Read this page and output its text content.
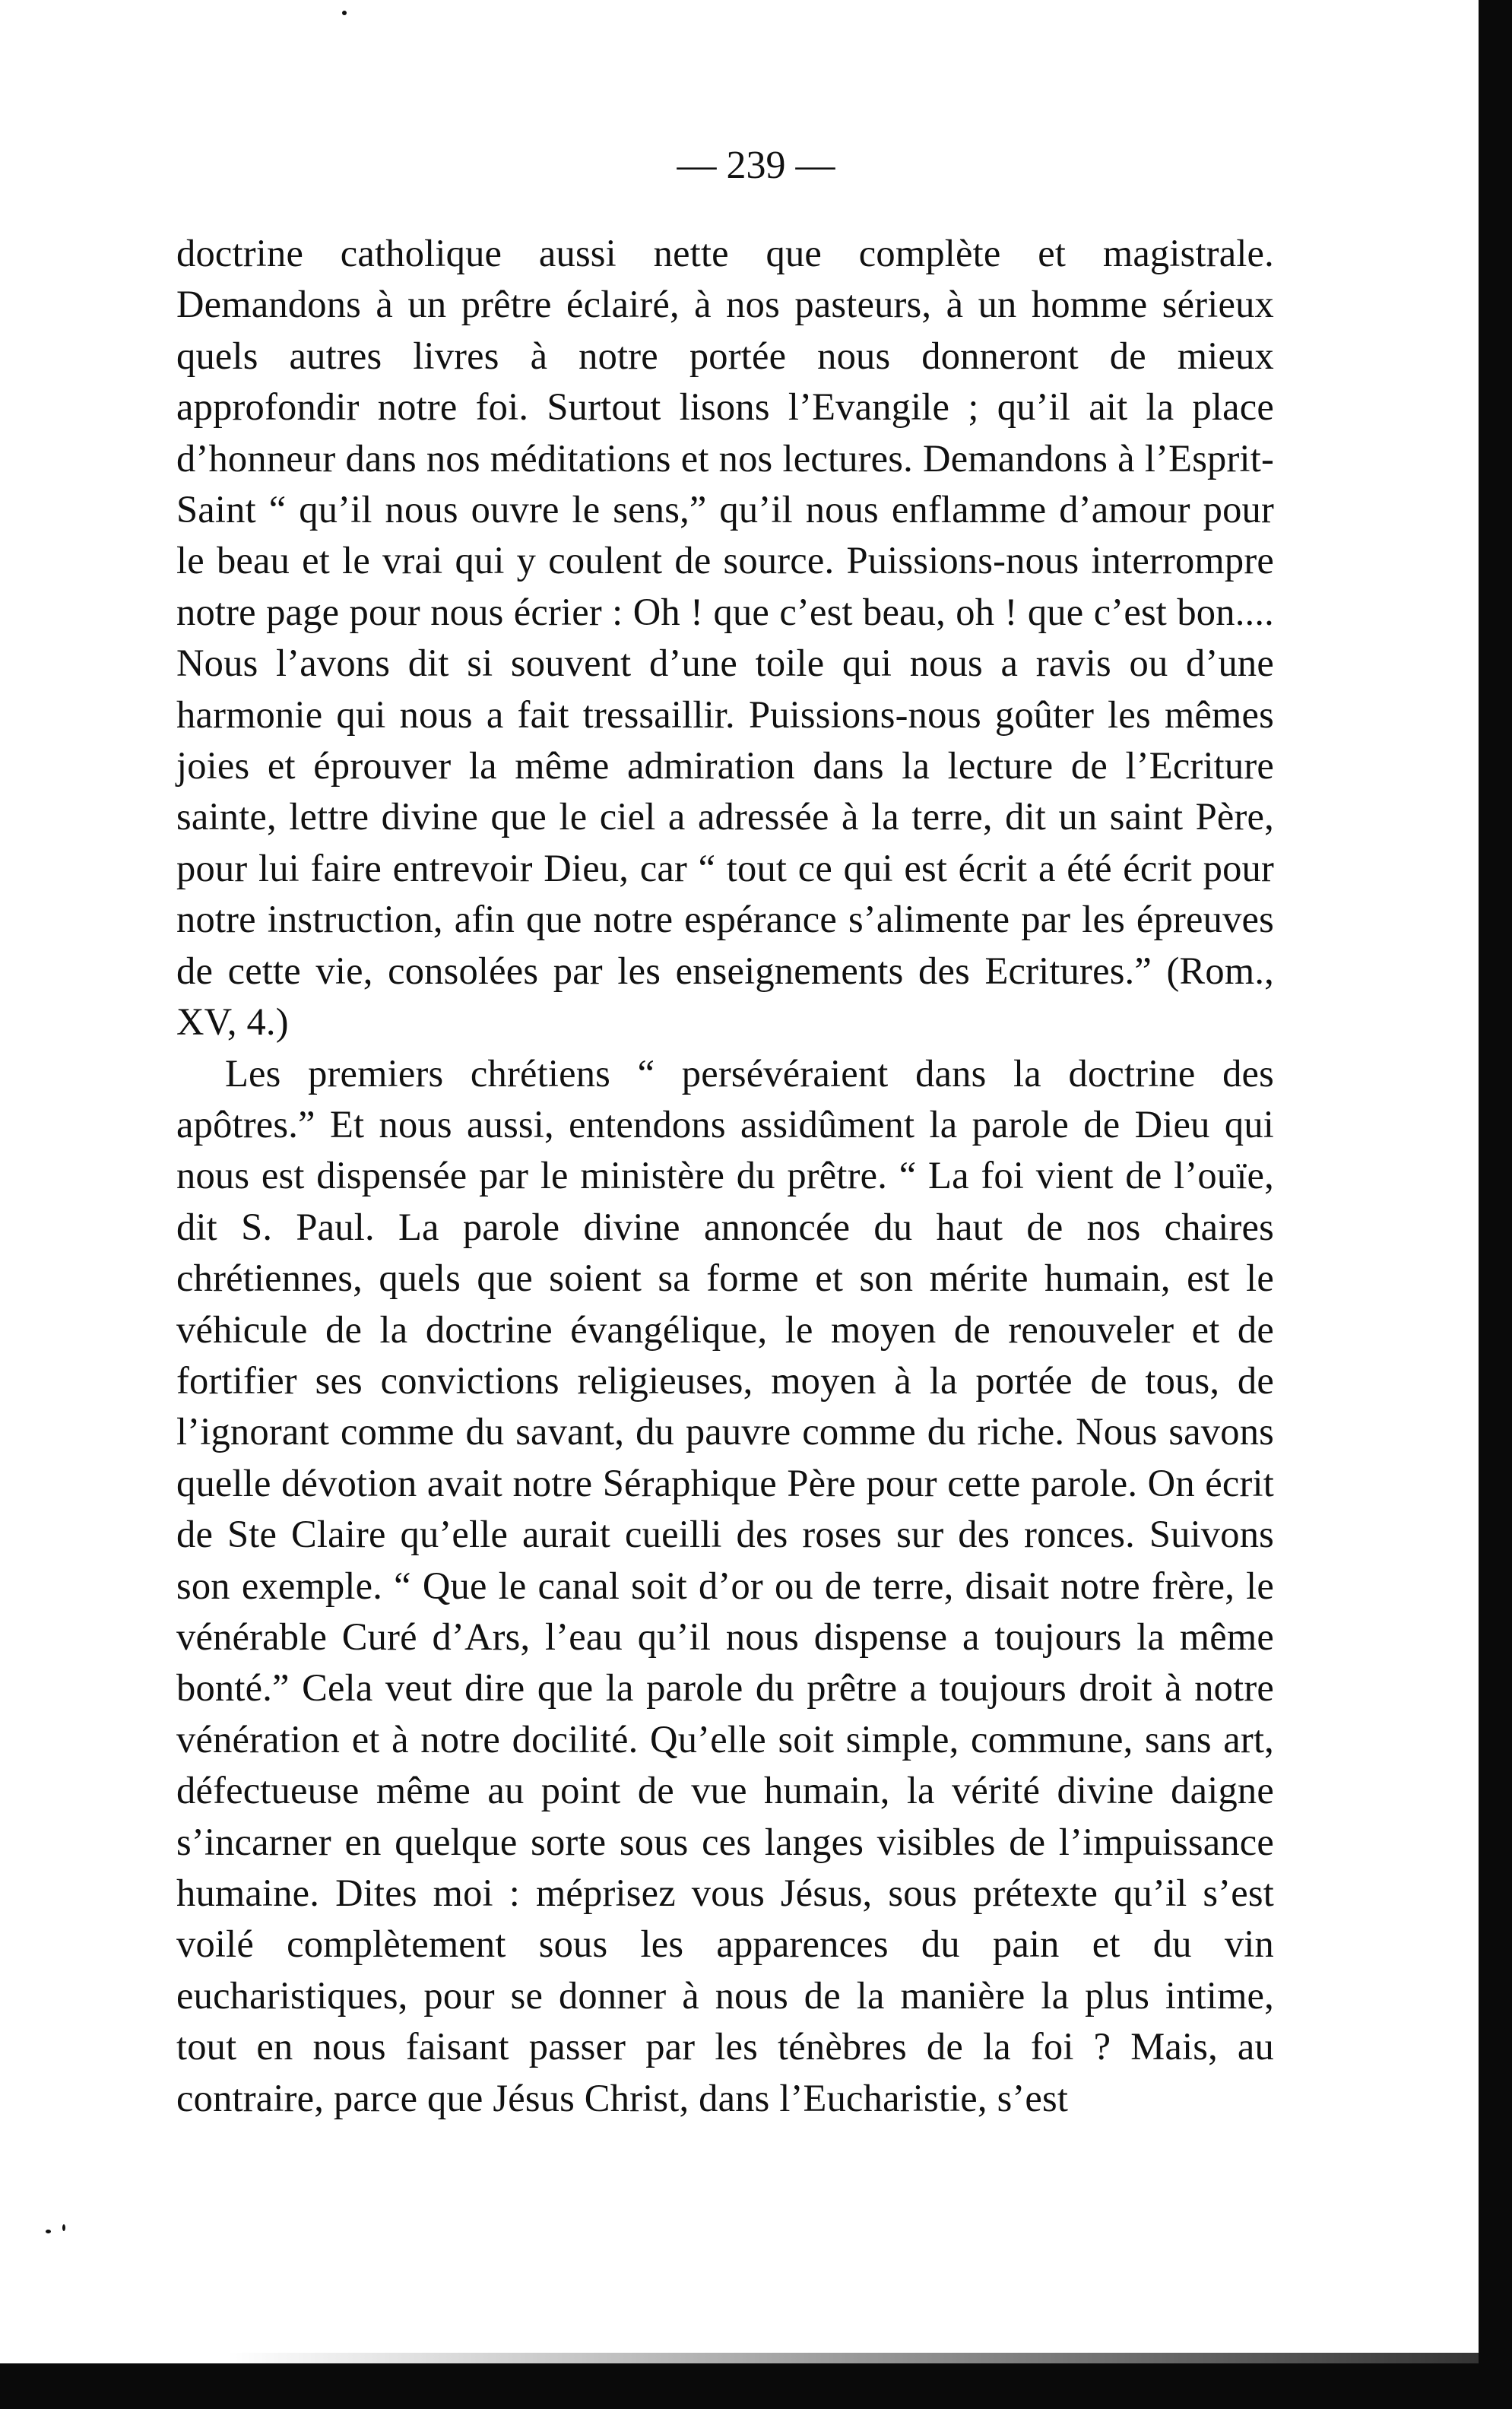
— 239 —

doctrine catholique aussi nette que complète et magistrale. Demandons à un prêtre éclairé, à nos pasteurs, à un homme sérieux quels autres livres à notre portée nous donneront de mieux approfondir notre foi. Surtout lisons l’Evangile ; qu’il ait la place d’honneur dans nos méditations et nos lectures. Demandons à l’Esprit-Saint “ qu’il nous ouvre le sens,” qu’il nous enflamme d’amour pour le beau et le vrai qui y coulent de source. Puissions-nous interrompre notre page pour nous écrier : Oh ! que c’est beau, oh ! que c’est bon.... Nous l’avons dit si souvent d’une toile qui nous a ravis ou d’une harmonie qui nous a fait tressaillir. Puissions-nous goûter les mêmes joies et éprouver la même admiration dans la lecture de l’Ecriture sainte, lettre divine que le ciel a adressée à la terre, dit un saint Père, pour lui faire entrevoir Dieu, car “ tout ce qui est écrit a été écrit pour notre instruction, afin que notre espérance s’alimente par les épreuves de cette vie, consolées par les enseignements des Ecritures.” (Rom., XV, 4.)

Les premiers chrétiens “ persévéraient dans la doctrine des apôtres.” Et nous aussi, entendons assidûment la parole de Dieu qui nous est dispensée par le ministère du prêtre. “ La foi vient de l’ouïe, dit S. Paul. La parole divine annoncée du haut de nos chaires chrétiennes, quels que soient sa forme et son mérite humain, est le véhicule de la doctrine évangélique, le moyen de renouveler et de fortifier ses convictions religieuses, moyen à la portée de tous, de l’ignorant comme du savant, du pauvre comme du riche. Nous savons quelle dévotion avait notre Séraphique Père pour cette parole. On écrit de Ste Claire qu’elle aurait cueilli des roses sur des ronces. Suivons son exemple. “ Que le canal soit d’or ou de terre, disait notre frère, le vénérable Curé d’Ars, l’eau qu’il nous dispense a toujours la même bonté.” Cela veut dire que la parole du prêtre a toujours droit à notre vénération et à notre docilité. Qu’elle soit simple, commune, sans art, défectueuse même au point de vue humain, la vérité divine daigne s’incarner en quelque sorte sous ces langes visibles de l’impuissance humaine. Dites moi : méprisez vous Jésus, sous prétexte qu’il s’est voilé complètement sous les apparences du pain et du vin eucharistiques, pour se donner à nous de la manière la plus intime, tout en nous faisant passer par les ténèbres de la foi ? Mais, au contraire, parce que Jésus Christ, dans l’Eucharistie, s’est
